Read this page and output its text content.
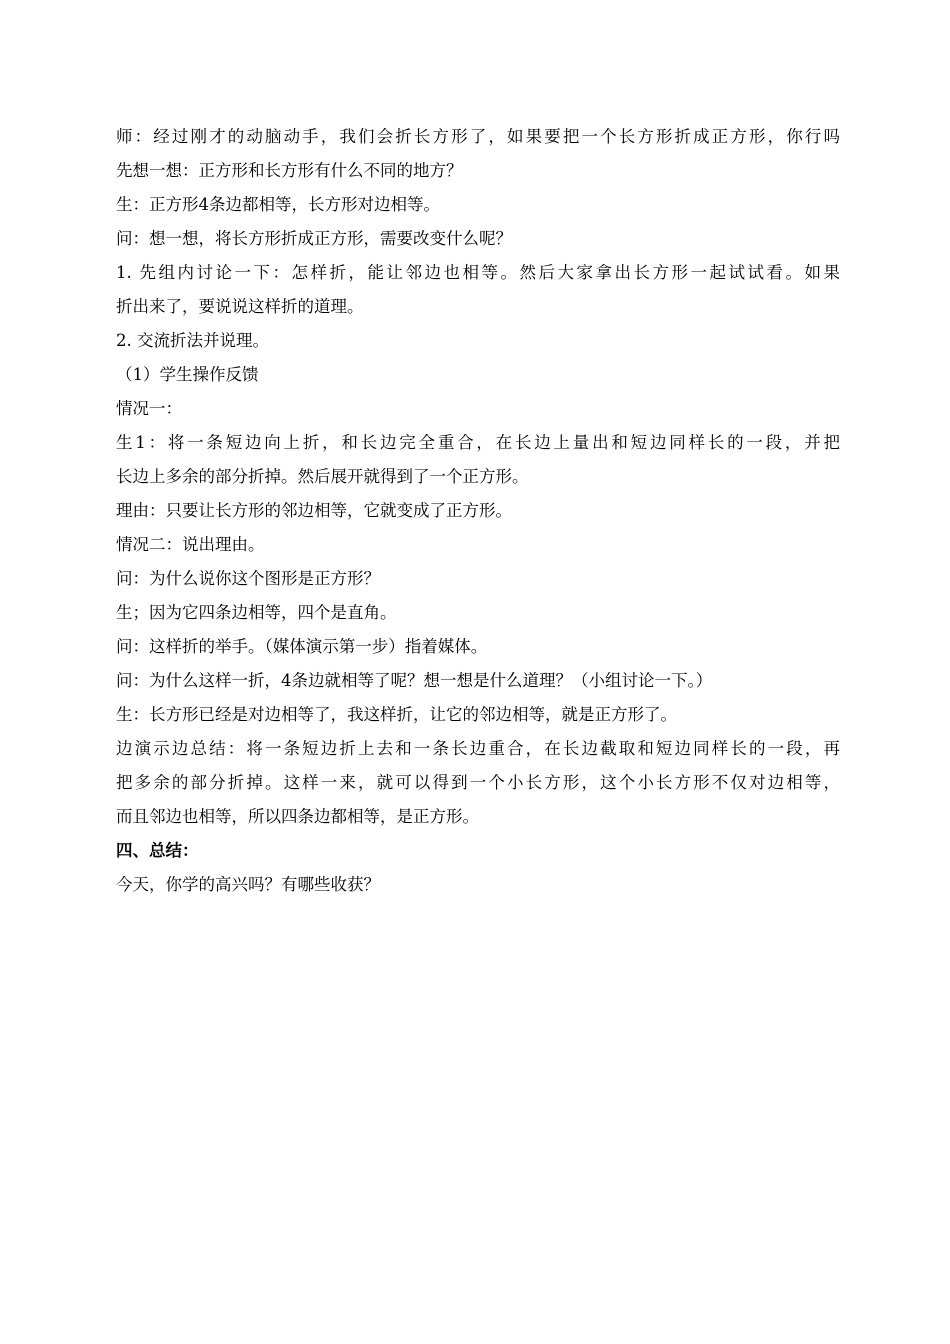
师：经过刚才的动脑动手，我们会折长方形了，如果要把一个长方形折成正方形，你行吗
先想一想：正方形和长方形有什么不同的地方？
生：正方形4条边都相等，长方形对边相等。
问：想一想，将长方形折成正方形，需要改变什么呢？
1. 先组内讨论一下：怎样折，能让邻边也相等。然后大家拿出长方形一起试试看。如果
折出来了，要说说这样折的道理。
2. 交流折法并说理。
（1）学生操作反馈
情况一：
生1：将一条短边向上折，和长边完全重合，在长边上量出和短边同样长的一段，并把
长边上多余的部分折掉。然后展开就得到了一个正方形。
理由：只要让长方形的邻边相等，它就变成了正方形。
情况二：说出理由。
问：为什么说你这个图形是正方形？
生；因为它四条边相等，四个是直角。
问：这样折的举手。（媒体演示第一步）指着媒体。
问：为什么这样一折，4条边就相等了呢？想一想是什么道理？（小组讨论一下。）
生：长方形已经是对边相等了，我这样折，让它的邻边相等，就是正方形了。
边演示边总结：将一条短边折上去和一条长边重合，在长边截取和短边同样长的一段，再
把多余的部分折掉。这样一来，就可以得到一个小长方形，这个小长方形不仅对边相等，
而且邻边也相等，所以四条边都相等，是正方形。
四、总结：
今天，你学的高兴吗？有哪些收获？
